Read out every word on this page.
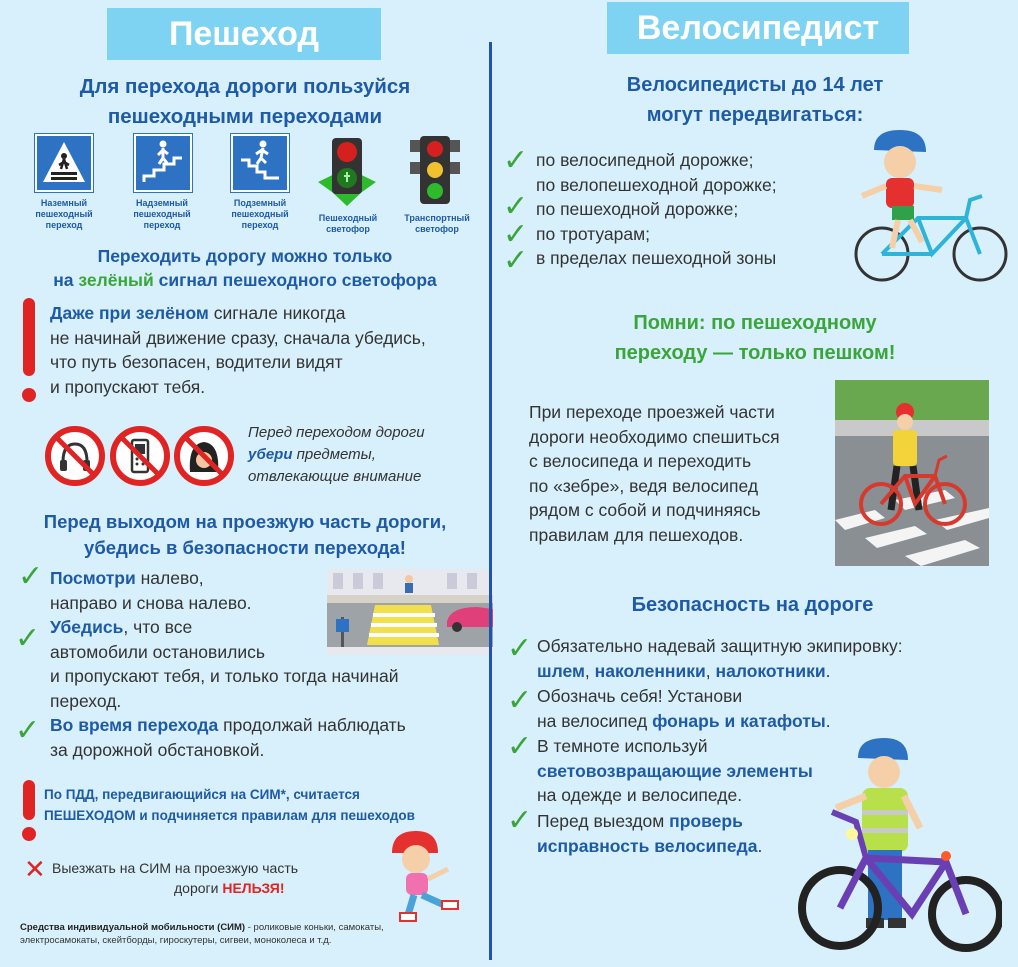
Пешеход
Для перехода дороги пользуйся
пешеходными переходами
Наземный
пешеходный
переход
Надземный
пешеходный
переход
Подземный
пешеходный
переход
Пешеходный
светофор
Транспортный
светофор
Переходить дорогу можно только
на зелёный сигнал пешеходного светофора
Даже при зелёном сигнале никогда
не начинай движение сразу, сначала убедись,
что путь безопасен, водители видят
и пропускают тебя.
Перед переходом дороги
убери предметы,
отвлекающие внимание
Перед выходом на проезжую часть дороги,
убедись в безопасности перехода!
✓ Посмотри налево,
направо и снова налево.
✓ Убедись, что все
автомобили остановились
и пропускают тебя, и только тогда начинай
переход.
✓ Во время перехода продолжай наблюдать
за дорожной обстановкой.
По ПДД, передвигающийся на СИМ*, считается
ПЕШЕХОДОМ и подчиняется правилам для пешеходов
✕ Выезжать на СИМ на проезжую часть
дороги НЕЛЬЗЯ!
Средства индивидуальной мобильности (СИМ) - роликовые коньки, самокаты,
электросамокаты, скейтборды, гироскутеры, сигвеи, моноколеса и т.д.
Велосипедист
Велосипедисты до 14 лет
могут передвигаться:
✓
✓
✓
✓
по велосипедной дорожке;
по велопешеходной дорожке;
по пешеходной дорожке;
по тротуарам;
в пределах пешеходной зоны
Помни: по пешеходному
переходу — только пешком!
При переходе проезжей части
дороги необходимо спешиться
с велосипеда и переходить
по «зебре», ведя велосипед
рядом с собой и подчиняясь
правилам для пешеходов.
Безопасность на дороге
✓ Обязательно надевай защитную экипировку:
шлем, наколенники, налокотники.
✓ Обозначь себя! Установи
на велосипед фонарь и катафоты.
✓ В темноте используй
световозвращающие элементы
на одежде и велосипеде.
✓ Перед выездом проверь
исправность велосипеда.
